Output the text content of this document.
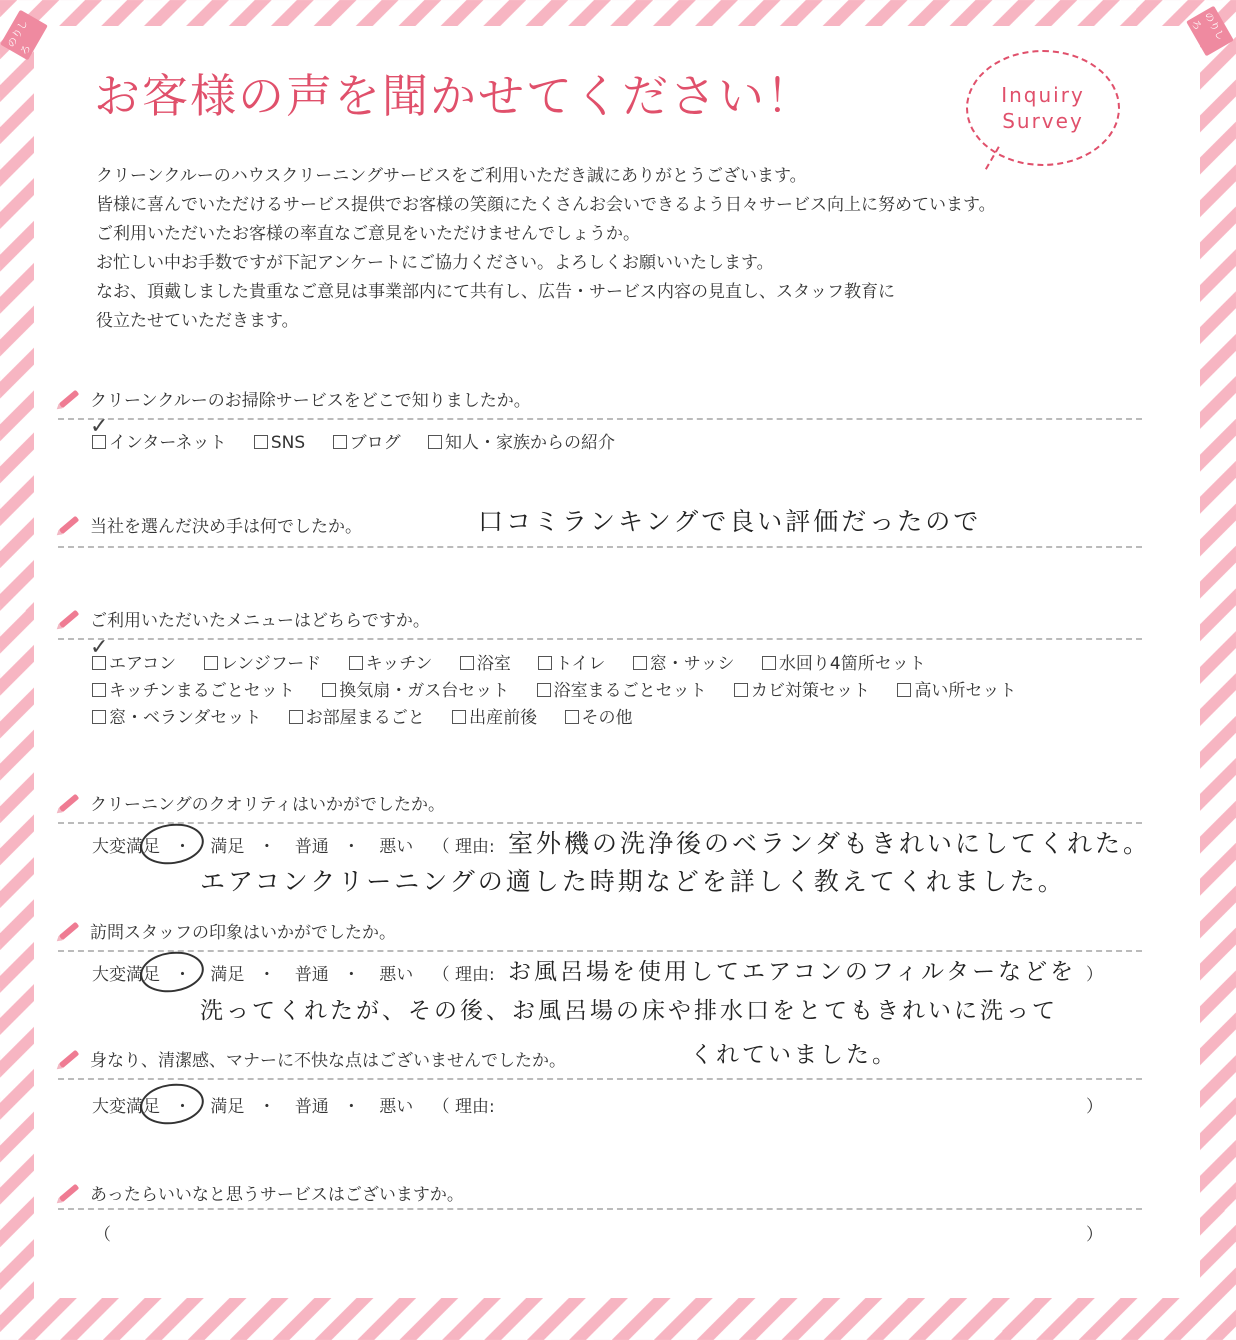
のりしろ
のりしろ
お客様の声を聞かせてください！	Inquiry
Survey

クリーンクルーのハウスクリーニングサービスをご利用いただき誠にありがとうございます。

皆様に喜んでいただけるサービス提供でお客様の笑顔にたくさんお会いできるよう日々サービス向上に努めています。

ご利用いただいたお客様の率直なご意見をいただけませんでしょうか。

お忙しい中お手数ですが下記アンケートにご協力ください。よろしくお願いいたします。

なお、頂戴しました貴重なご意見は事業部内にて共有し、広告・サービス内容の見直し、スタッフ教育に

役立たせていただきます。

クリーンクルーのお掃除サービスをどこで知りましたか。
✓
インターネット	SNS	ブログ	知人・家族からの紹介
当社を選んだ決め手は何でしたか。	口コミランキングで良い評価だったので
ご利用いただいたメニューはどちらですか。
✓
エアコン	レンジフード	キッチン	浴室	トイレ	窓・サッシ	水回り4箇所セット
キッチンまるごとセット	換気扇・ガス台セット	浴室まるごとセット	カビ対策セット	高い所セット
窓・ベランダセット	お部屋まるごと	出産前後	その他
クリーニングのクオリティはいかがでしたか。
大変満足 ・ 満足 ・ 普通 ・ 悪い （ 理由: 室外機の洗浄後のベランダもきれいにしてくれた。
エアコンクリーニングの適した時期などを詳しく教えてくれました。
訪問スタッフの印象はいかがでしたか。
大変満足 ・ 満足 ・ 普通 ・ 悪い （ 理由: お風呂場を使用してエアコンのフィルターなどを ）
洗ってくれたが、その後、お風呂場の床や排水口をとてもきれいに洗って
くれていました。
身なり、清潔感、マナーに不快な点はございませんでしたか。
大変満足 ・ 満足 ・ 普通 ・ 悪い （ 理由:	）
あったらいいなと思うサービスはございますか。
（	）
